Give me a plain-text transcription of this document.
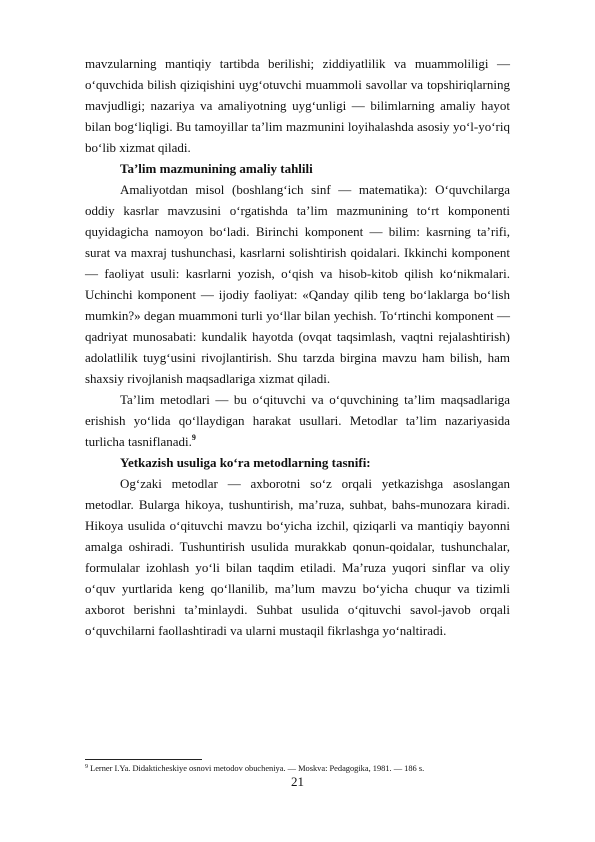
mavzularning mantiqiy tartibda berilishi; ziddiyatlilik va muammoliligi — o‘quvchida bilish qiziqishini uyg‘otuvchi muammoli savollar va topshiriqlarning mavjudligi; nazariya va amaliyotning uyg‘unligi — bilimlarning amaliy hayot bilan bog‘liqligi. Bu tamoyillar ta’lim mazmunini loyihalashda asosiy yo‘l-yo‘riq bo‘lib xizmat qiladi.

Ta’lim mazmunining amaliy tahlili

Amaliyotdan misol (boshlang‘ich sinf — matematika): O‘quvchilarga oddiy kasrlar mavzusini o‘rgatishda ta’lim mazmunining to‘rt komponenti quyidagicha namoyon bo‘ladi. Birinchi komponent — bilim: kasrning ta’rifi, surat va maxraj tushunchasi, kasrlarni solishtirish qoidalari. Ikkinchi komponent — faoliyat usuli: kasrlarni yozish, o‘qish va hisob-kitob qilish ko‘nikmalari. Uchinchi komponent — ijodiy faoliyat: «Qanday qilib teng bo‘laklarga bo‘lish mumkin?» degan muammoni turli yo‘llar bilan yechish. To‘rtinchi komponent — qadriyat munosabati: kundalik hayotda (ovqat taqsimlash, vaqtni rejalashtirish) adolatlilik tuyg‘usini rivojlantirish. Shu tarzda birgina mavzu ham bilish, ham shaxsiy rivojlanish maqsadlariga xizmat qiladi.

Ta’lim metodlari — bu o‘qituvchi va o‘quvchining ta’lim maqsadlariga erishish yo‘lida qo‘llaydigan harakat usullari. Metodlar ta’lim nazariyasida turlicha tasniflanadi.$^9$

Yetkazish usuliga ko‘ra metodlarning tasnifi:

Og‘zaki metodlar — axborotni so‘z orqali yetkazishga asoslangan metodlar. Bularga hikoya, tushuntirish, ma’ruza, suhbat, bahs-munozara kiradi. Hikoya usulida o‘qituvchi mavzu bo‘yicha izchil, qiziqarli va mantiqiy bayonni amalga oshiradi. Tushuntirish usulida murakkab qonun-qoidalar, tushunchalar, formulalar izohlash yo‘li bilan taqdim etiladi. Ma’ruza yuqori sinflar va oliy o‘quv yurtlarida keng qo‘llanilib, ma’lum mavzu bo‘yicha chuqur va tizimli axborot berishni ta’minlaydi. Suhbat usulida o‘qituvchi savol-javob orqali o‘quvchilarni faollashtiradi va ularni mustaqil fikrlashga yo‘naltiradi.

$^9$ Lerner I.Ya. Didakticheskiye osnovi metodov obucheniya. — Moskva: Pedagogika, 1981. — 186 s.
21
